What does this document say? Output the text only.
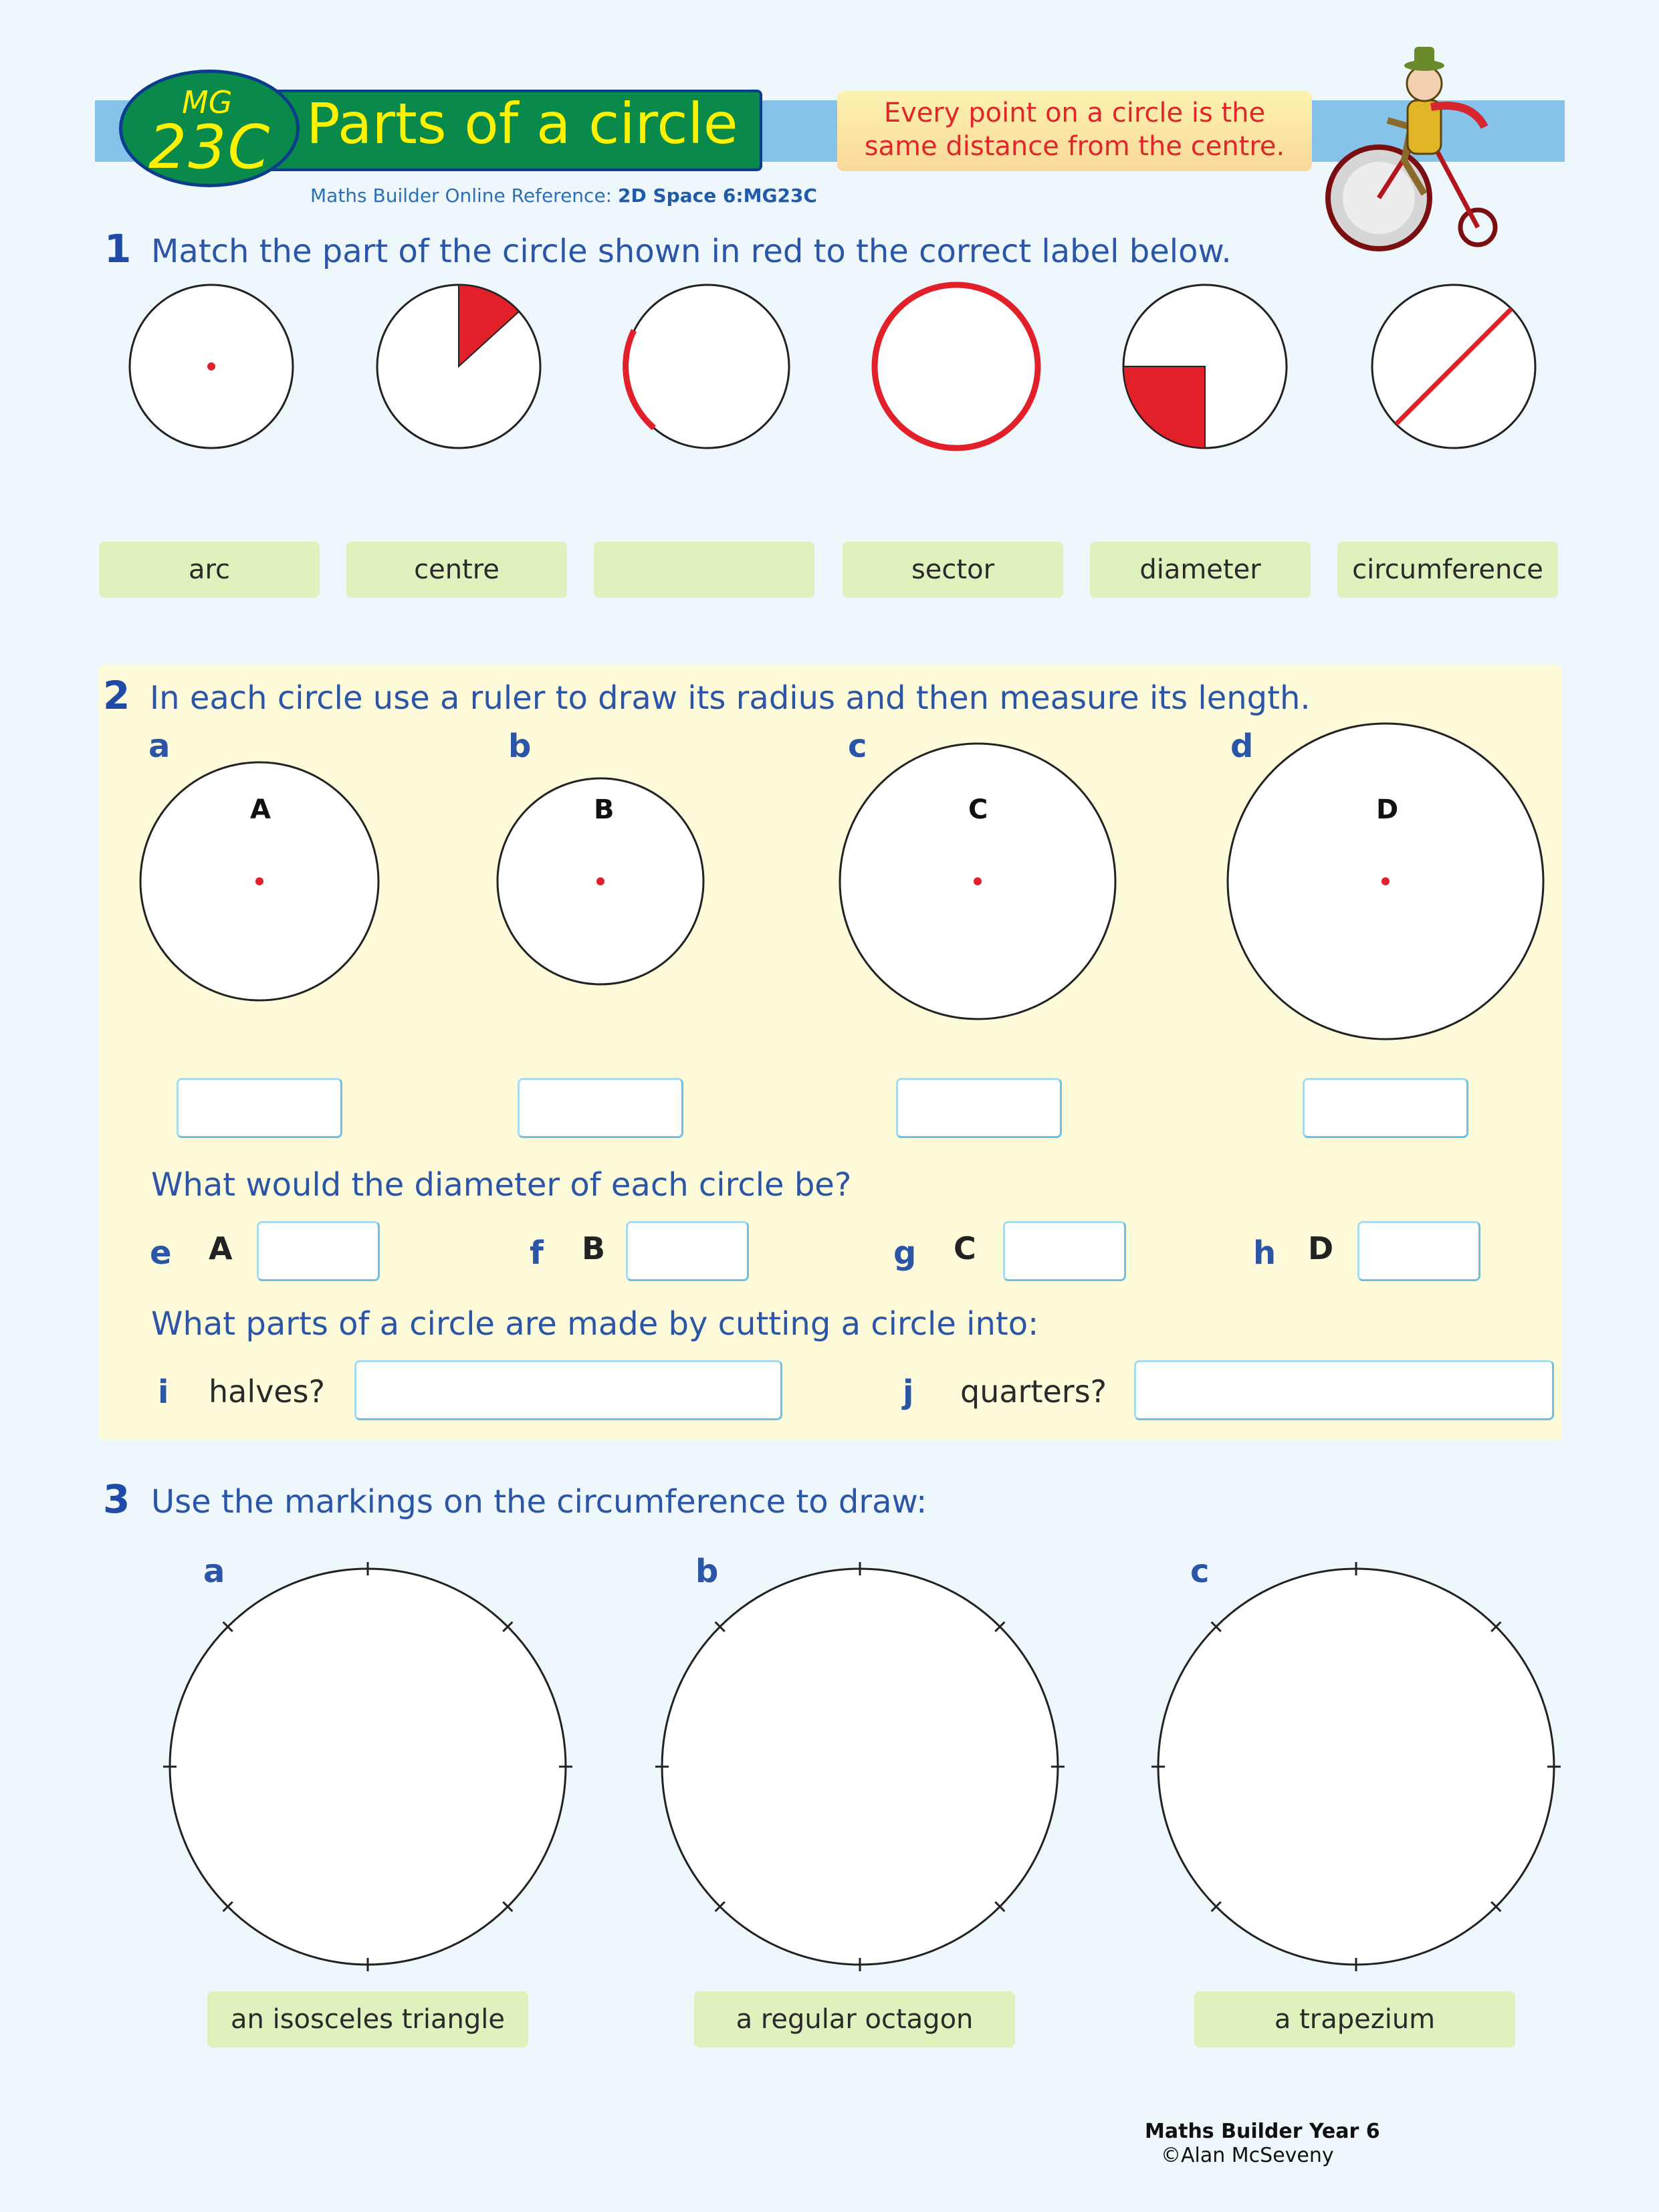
Parts of a circle
MG
23C
Maths Builder Online Reference: 2D Space 6:MG23C
Every point on a circle is the
same distance from the centre.
1 Match the part of the circle shown in red to the correct label below.
arc	centre	sector	diameter	circumference
2 In each circle use a ruler to draw its radius and then measure its length.
a	b	c	d
A	B	C	D
What would the diameter of each circle be?
e A	f B	g C	h D
What parts of a circle are made by cutting a circle into:
i halves?	j quarters?
3 Use the markings on the circumference to draw:
a	b	c
an isosceles triangle	a regular octagon	a trapezium
Maths Builder Year 6
©Alan McSeveny
